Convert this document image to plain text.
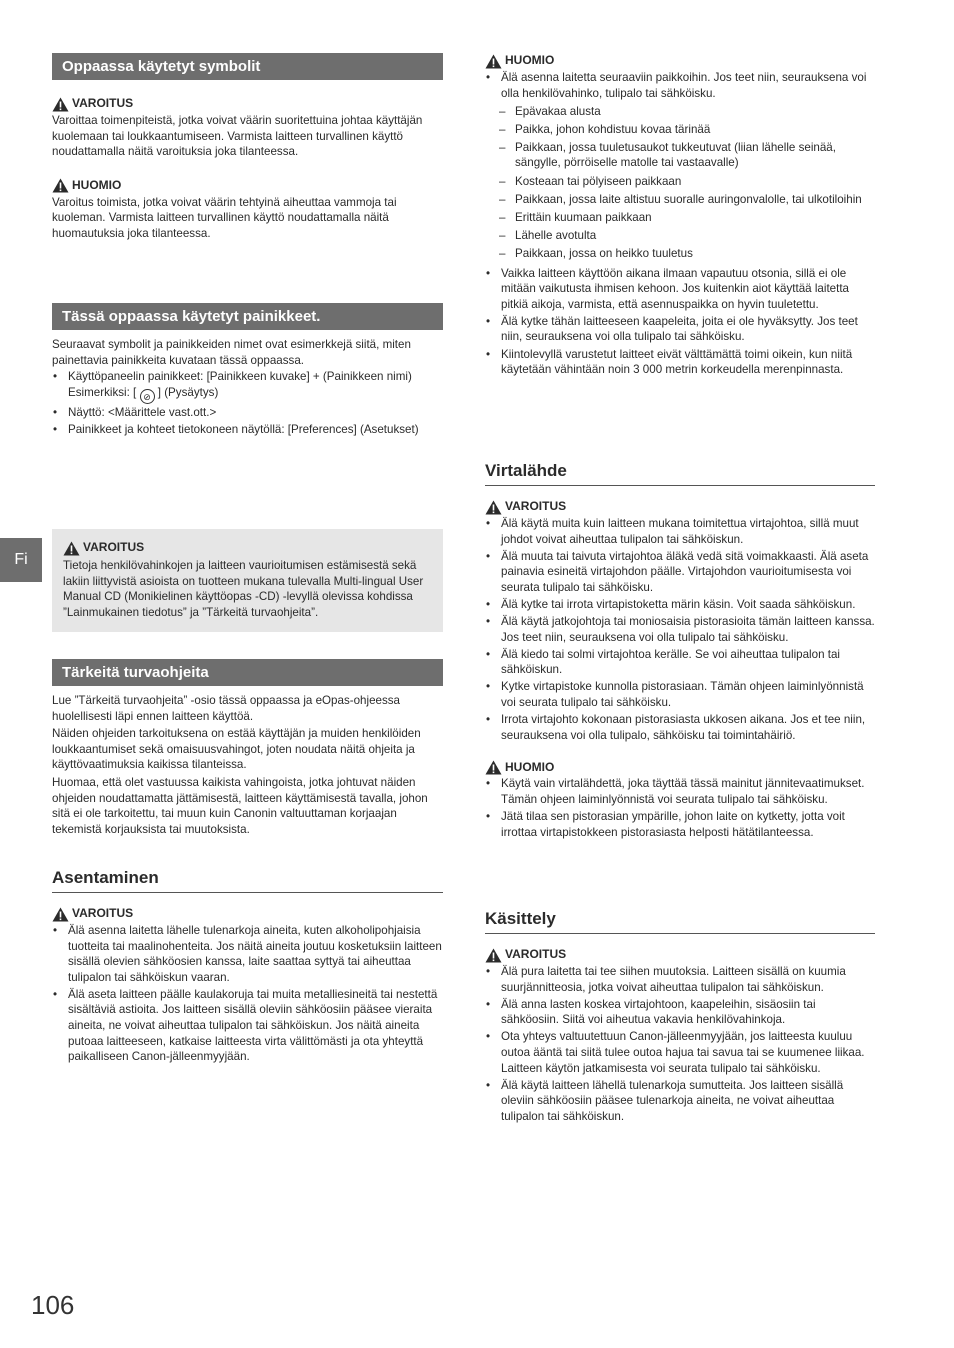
Fi
Oppaassa käytetyt symbolit
VAROITUS

Varoittaa toimenpiteistä, jotka voivat väärin suoritettuina johtaa käyttäjän kuolemaan tai loukkaantumiseen. Varmista laitteen turvallinen käyttö noudattamalla näitä varoituksia joka tilanteessa.

HUOMIO

Varoitus toimista, jotka voivat väärin tehtyinä aiheuttaa vammoja tai kuoleman. Varmista laitteen turvallinen käyttö noudattamalla näitä huomautuksia joka tilanteessa.

Tässä oppaassa käytetyt painikkeet.

Seuraavat symbolit ja painikkeiden nimet ovat esimerkkejä siitä, miten painettavia painikkeita kuvataan tässä oppaassa.

• Käyttöpaneelin painikkeet: [Painikkeen kuvake] + (Painikkeen nimi)
Esimerkiksi: [ ⊘ ] (Pysäytys)
• Näyttö: <Määrittele vast.ott.>
• Painikkeet ja kohteet tietokoneen näytöllä: [Preferences] (Asetukset)
VAROITUS

Tietoja henkilövahinkojen ja laitteen vaurioitumisen estämisestä sekä lakiin liittyvistä asioista on tuotteen mukana tulevalla Multi-lingual User Manual CD (Monikielinen käyttöopas -CD) -levyllä olevissa kohdissa ”Lainmukainen tiedotus” ja ”Tärkeitä turvaohjeita”.

Tärkeitä turvaohjeita

Lue ”Tärkeitä turvaohjeita” -osio tässä oppaassa ja eOpas-ohjeessa huolellisesti läpi ennen laitteen käyttöä.

Näiden ohjeiden tarkoituksena on estää käyttäjän ja muiden henkilöiden loukkaantumiset sekä omaisuusvahingot, joten noudata näitä ohjeita ja käyttövaatimuksia kaikissa tilanteissa.

Huomaa, että olet vastuussa kaikista vahingoista, jotka johtuvat näiden ohjeiden noudattamatta jättämisestä, laitteen käyttämisestä tavalla, johon sitä ei ole tarkoitettu, tai muun kuin Canonin valtuuttaman korjaajan tekemistä korjauksista tai muutoksista.

Asentaminen
VAROITUS
• Älä asenna laitetta lähelle tulenarkoja aineita, kuten alkoholipohjaisia tuotteita tai maalinohenteita. Jos näitä aineita joutuu kosketuksiin laitteen sisällä olevien sähköosien kanssa, laite saattaa syttyä tai aiheuttaa tulipalon tai sähköiskun vaaran.
• Älä aseta laitteen päälle kaulakoruja tai muita metalliesineitä tai nestettä sisältäviä astioita. Jos laitteen sisällä oleviin sähköosiin pääsee vieraita aineita, ne voivat aiheuttaa tulipalon tai sähköiskun. Jos näitä aineita putoaa laitteeseen, katkaise laitteesta virta välittömästi ja ota yhteyttä paikalliseen Canon-jälleenmyyjään.
HUOMIO
• Älä asenna laitetta seuraaviin paikkoihin. Jos teet niin, seurauksena voi olla henkilövahinko, tulipalo tai sähköisku.
– Epävakaa alusta
– Paikka, johon kohdistuu kovaa tärinää
– Paikkaan, jossa tuuletusaukot tukkeutuvat (liian lähelle seinää, sängylle, pörröiselle matolle tai vastaavalle)
– Kosteaan tai pölyiseen paikkaan
– Paikkaan, jossa laite altistuu suoralle auringonvalolle, tai ulkotiloihin
– Erittäin kuumaan paikkaan
– Lähelle avotulta
– Paikkaan, jossa on heikko tuuletus
• Vaikka laitteen käyttöön aikana ilmaan vapautuu otsonia, sillä ei ole mitään vaikutusta ihmisen kehoon. Jos kuitenkin aiot käyttää laitetta pitkiä aikoja, varmista, että asennuspaikka on hyvin tuuletettu.
• Älä kytke tähän laitteeseen kaapeleita, joita ei ole hyväksytty. Jos teet niin, seurauksena voi olla tulipalo tai sähköisku.
• Kiintolevyllä varustetut laitteet eivät välttämättä toimi oikein, kun niitä käytetään vähintään noin 3 000 metrin korkeudella merenpinnasta.
Virtalähde
VAROITUS
• Älä käytä muita kuin laitteen mukana toimitettua virtajohtoa, sillä muut johdot voivat aiheuttaa tulipalon tai sähköiskun.
• Älä muuta tai taivuta virtajohtoa äläkä vedä sitä voimakkaasti. Älä aseta painavia esineitä virtajohdon päälle. Virtajohdon vaurioitumisesta voi seurata tulipalo tai sähköisku.
• Älä kytke tai irrota virtapistoketta märin käsin. Voit saada sähköiskun.
• Älä käytä jatkojohtoja tai moniosaisia pistorasioita tämän laitteen kanssa. Jos teet niin, seurauksena voi olla tulipalo tai sähköisku.
• Älä kiedo tai solmi virtajohtoa kerälle. Se voi aiheuttaa tulipalon tai sähköiskun.
• Kytke virtapistoke kunnolla pistorasiaan. Tämän ohjeen laiminlyönnistä voi seurata tulipalo tai sähköisku.
• Irrota virtajohto kokonaan pistorasiasta ukkosen aikana. Jos et tee niin, seurauksena voi olla tulipalo, sähköisku tai toimintahäiriö.
HUOMIO
• Käytä vain virtalähdettä, joka täyttää tässä mainitut jännitevaatimukset. Tämän ohjeen laiminlyönnistä voi seurata tulipalo tai sähköisku.
• Jätä tilaa sen pistorasian ympärille, johon laite on kytketty, jotta voit irrottaa virtapistokkeen pistorasiasta helposti hätätilanteessa.
Käsittely
VAROITUS
• Älä pura laitetta tai tee siihen muutoksia. Laitteen sisällä on kuumia suurjännitteosia, jotka voivat aiheuttaa tulipalon tai sähköiskun.
• Älä anna lasten koskea virtajohtoon, kaapeleihin, sisäosiin tai sähköosiin. Siitä voi aiheutua vakavia henkilövahinkoja.
• Ota yhteys valtuutettuun Canon-jälleenmyyjään, jos laitteesta kuuluu outoa ääntä tai siitä tulee outoa hajua tai savua tai se kuumenee liikaa. Laitteen käytön jatkamisesta voi seurata tulipalo tai sähköisku.
• Älä käytä laitteen lähellä tulenarkoja sumutteita. Jos laitteen sisällä oleviin sähköosiin pääsee tulenarkoja aineita, ne voivat aiheuttaa tulipalon tai sähköiskun.
106
